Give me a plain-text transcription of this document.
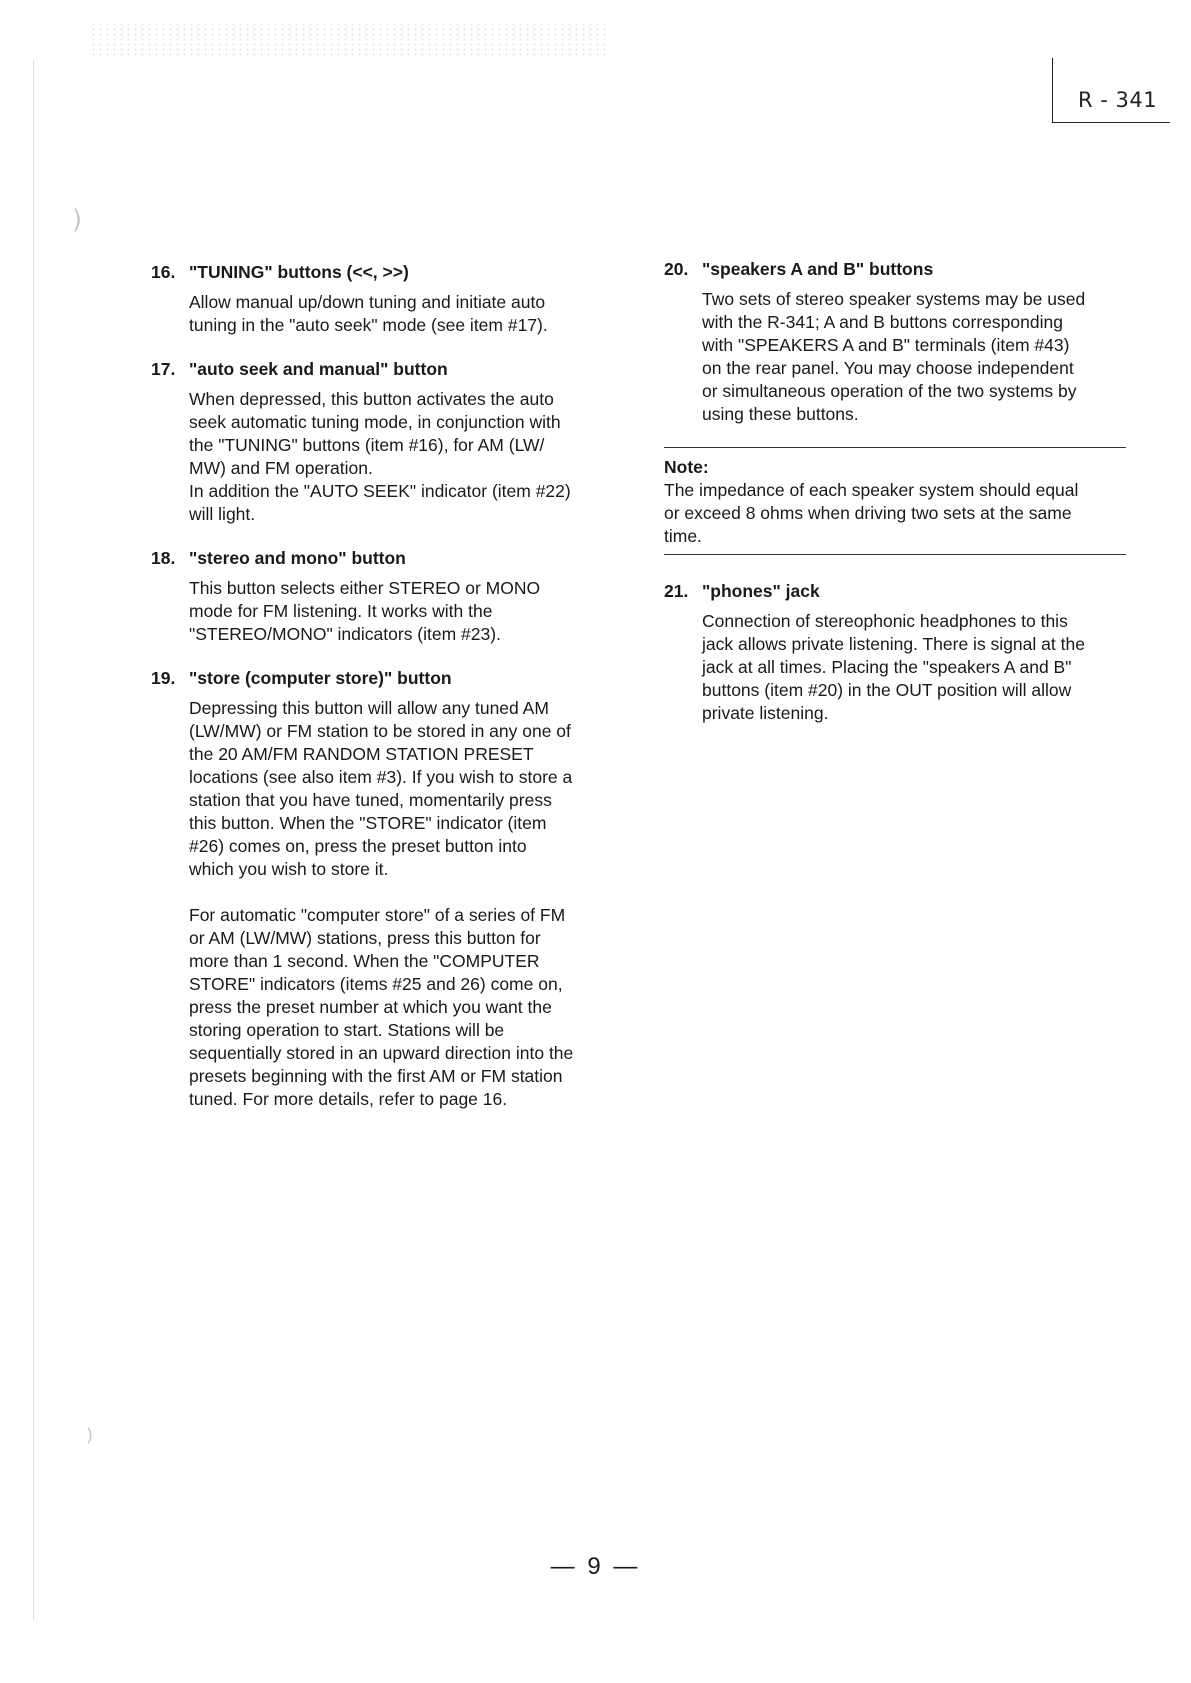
)
)
R - 341
16. "TUNING" buttons (<<, >>)
Allow manual up/down tuning and initiate auto
tuning in the "auto seek" mode (see item #17).
17. "auto seek and manual" button
When depressed, this button activates the auto
seek automatic tuning mode, in conjunction with
the "TUNING" buttons (item #16), for AM (LW/
MW) and FM operation.
In addition the "AUTO SEEK" indicator (item #22)
will light.
18. "stereo and mono" button
This button selects either STEREO or MONO
mode for FM listening. It works with the
"STEREO/MONO" indicators (item #23).
19. "store (computer store)" button
Depressing this button will allow any tuned AM
(LW/MW) or FM station to be stored in any one of
the 20 AM/FM RANDOM STATION PRESET
locations (see also item #3). If you wish to store a
station that you have tuned, momentarily press
this button. When the "STORE" indicator (item
#26) comes on, press the preset button into
which you wish to store it.
For automatic "computer store" of a series of FM
or AM (LW/MW) stations, press this button for
more than 1 second. When the "COMPUTER
STORE" indicators (items #25 and 26) come on,
press the preset number at which you want the
storing operation to start. Stations will be
sequentially stored in an upward direction into the
presets beginning with the first AM or FM station
tuned. For more details, refer to page 16.
20. "speakers A and B" buttons
Two sets of stereo speaker systems may be used
with the R-341; A and B buttons corresponding
with "SPEAKERS A and B" terminals (item #43)
on the rear panel. You may choose independent
or simultaneous operation of the two systems by
using these buttons.
Note:
The impedance of each speaker system should equal
or exceed 8 ohms when driving two sets at the same
time.
21. "phones" jack
Connection of stereophonic headphones to this
jack allows private listening. There is signal at the
jack at all times. Placing the "speakers A and B"
buttons (item #20) in the OUT position will allow
private listening.
— 9 —
